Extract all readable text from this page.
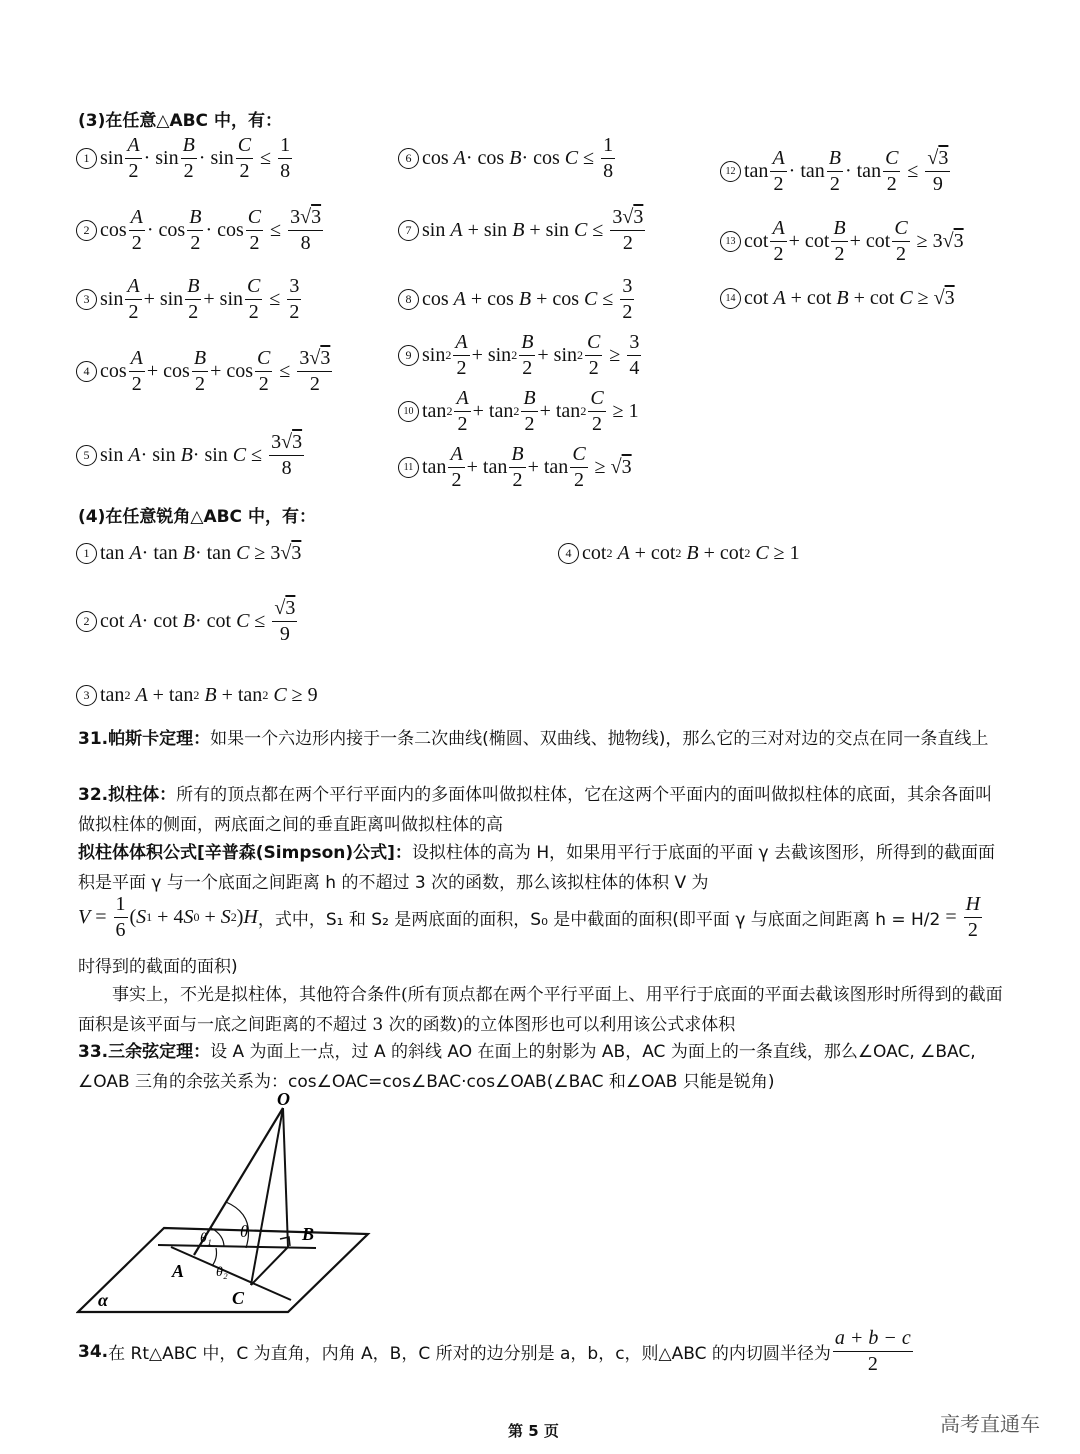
(3)在任意△ABC 中，有：
1 $\sin \frac{A}{2} \cdot \sin \frac{B}{2} \cdot \sin \frac{C}{2} \le \frac{1}{8}$
2 $\cos \frac{A}{2} \cdot \cos \frac{B}{2} \cdot \cos \frac{C}{2} \le \frac{3√3}{8}$
3 $\sin \frac{A}{2} + \sin \frac{B}{2} + \sin \frac{C}{2} \le \frac{3}{2}$
4 $\cos \frac{A}{2} + \cos \frac{B}{2} + \cos \frac{C}{2} \le \frac{3√3}{2}$
5 $\sin A \cdot \sin B \cdot \sin C \le \frac{3√3}{8}$
6 $\cos A \cdot \cos B \cdot \cos C \le \frac{1}{8}$
7 $\sin A + \sin B + \sin C \le \frac{3√3}{2}$
8 $\cos A + \cos B + \cos C \le \frac{3}{2}$
9 $\sin 2 \frac{A}{2} + \sin 2 \frac{B}{2} + \sin 2 \frac{C}{2} \ge \frac{3}{4}$
10 $\tan 2 \frac{A}{2} + \tan 2 \frac{B}{2} + \tan 2 \frac{C}{2} \ge 1$
11 $\tan \frac{A}{2} + \tan \frac{B}{2} + \tan \frac{C}{2}$ ≥ √ 3
12 $\tan \frac{A}{2} \cdot \tan \frac{B}{2} \cdot \tan \frac{C}{2} \le \frac{√3}{9}$
13 $\cot \frac{A}{2} + \cot \frac{B}{2} + \cot \frac{C}{2} \ge 3√$ 3
14 cot A + cot B + cot C ≥ √ 3
(4)在任意锐角△ABC 中，有：
1 tan A · tan B · tan C ≥ 3√ 3	4 cot 2
A + cot 2
B + cot 2
C ≥ 1
2 $\cot A \cdot \cot B \cdot \cot C \le \frac{√3}{9}$
3 tan 2
A + tan 2
B + tan 2
C ≥ 9
31.帕斯卡定理：如果一个六边形内接于一条二次曲线(椭圆、双曲线、抛物线)，那么它的三对对边的交点在同一条直线上
32.拟柱体：所有的顶点都在两个平行平面内的多面体叫做拟柱体，它在这两个平面内的面叫做拟柱体的底面，其余各面叫做拟柱体的侧面，两底面之间的垂直距离叫做拟柱体的高
拟柱体体积公式[辛普森(Simpson)公式]：设拟柱体的高为 H，如果用平行于底面的平面 γ 去截该图形，所得到的截面面积是平面 γ 与一个底面之间距离 h 的不超过 3 次的函数，那么该拟柱体的体积 V 为
$V = \frac{1}{6}$ ( S 1 + 4 S 0 + S 2 ) H ，式中，S₁ 和 S₂ 是两底面的面积，S₀ 是中截面的面积(即平面 γ 与底面之间距离 $h = H/2 = \frac{H}{2}$
时得到的截面的面积)
事实上，不光是拟柱体，其他符合条件(所有顶点都在两个平行平面上、用平行于底面的平面去截该图形时所得到的截面面积是该平面与一底之间距离的不超过 3 次的函数)的立体图形也可以利用该公式求体积
33.三余弦定理：设 A 为面上一点，过 A 的斜线 AO 在面上的射影为 AB，AC 为面上的一条直线，那么∠OAC, ∠BAC, ∠OAB 三角的余弦关系为：cos∠OAC=cos∠BAC·cos∠OAB(∠BAC 和∠OAB 只能是锐角)
O
A
B
C
α
θ
θ₁
θ₂
34. 在 Rt△ABC 中，C 为直角，内角 A，B，C 所对的边分别是 a，b，c，则△ABC 的内切圆半径为 $\frac{a + b - c}{2}$
第 5 页	高考直通车
